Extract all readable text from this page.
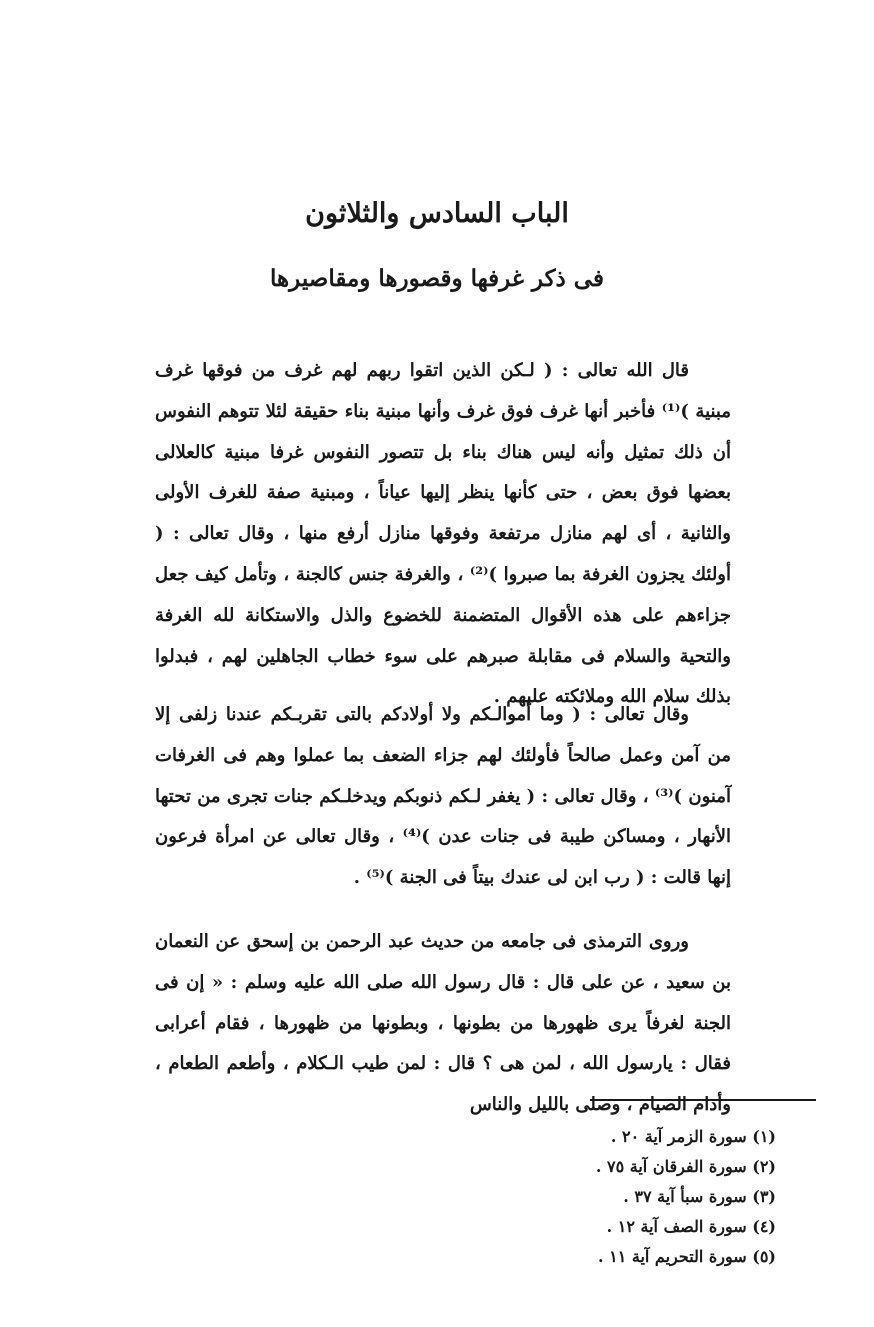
الباب السادس والثلاثون
فى ذكر غرفها وقصورها ومقاصيرها

قال الله تعالى : ( لـكن الذين اتقوا ربهم لهم غرف من فوقها غرف مبنية )⁽¹⁾ فأخبر أنها غرف فوق غرف وأنها مبنية بناء حقيقة لئلا تتوهم النفوس أن ذلك تمثيل وأنه ليس هناك بناء بل تتصور النفوس غرفا مبنية كالعلالى بعضها فوق بعض ، حتى كأنها ينظر إليها عياناً ، ومبنية صفة للغرف الأولى والثانية ، أى لهم منازل مرتفعة وفوقها منازل أرفع منها ، وقال تعالى : ( أولئك يجزون الغرفة بما صبروا )⁽²⁾ ، والغرفة جنس كالجنة ، وتأمل كيف جعل جزاءهم على هذه الأقوال المتضمنة للخضوع والذل والاستكانة لله الغرفة والتحية والسلام فى مقابلة صبرهم على سوء خطاب الجاهلين لهم ، فبدلوا بذلك سلام الله وملائكته عليهم .

وقال تعالى : ( وما أموالـكم ولا أولادكم بالتى تقربـكم عندنا زلفى إلا من آمن وعمل صالحاً فأولئك لهم جزاء الضعف بما عملوا وهم فى الغرفات آمنون )⁽³⁾ ، وقال تعالى : ( يغفر لـكم ذنوبكم ويدخلـكم جنات تجرى من تحتها الأنهار ، ومساكن طيبة فى جنات عدن )⁽⁴⁾ ، وقال تعالى عن امرأة فرعون إنها قالت : ( رب ابن لى عندك بيتاً فى الجنة )⁽⁵⁾ .

وروى الترمذى فى جامعه من حديث عبد الرحمن بن إسحق عن النعمان بن سعيد ، عن على قال : قال رسول الله صلى الله عليه وسلم : « إن فى الجنة لغرفاً يرى ظهورها من بطونها ، وبطونها من ظهورها ، فقام أعرابى فقال : يارسول الله ، لمن هى ؟ قال : لمن طيب الـكلام ، وأطعم الطعام ، وأدام الصيام ، وصلى بالليل والناس

(١) سورة الزمر آية ٢٠ .
(٢) سورة الفرقان آية ٧٥ .
(٣) سورة سبأ آية ٣٧ .
(٤) سورة الصف آية ١٢ .
(٥) سورة التحريم آية ١١ .
